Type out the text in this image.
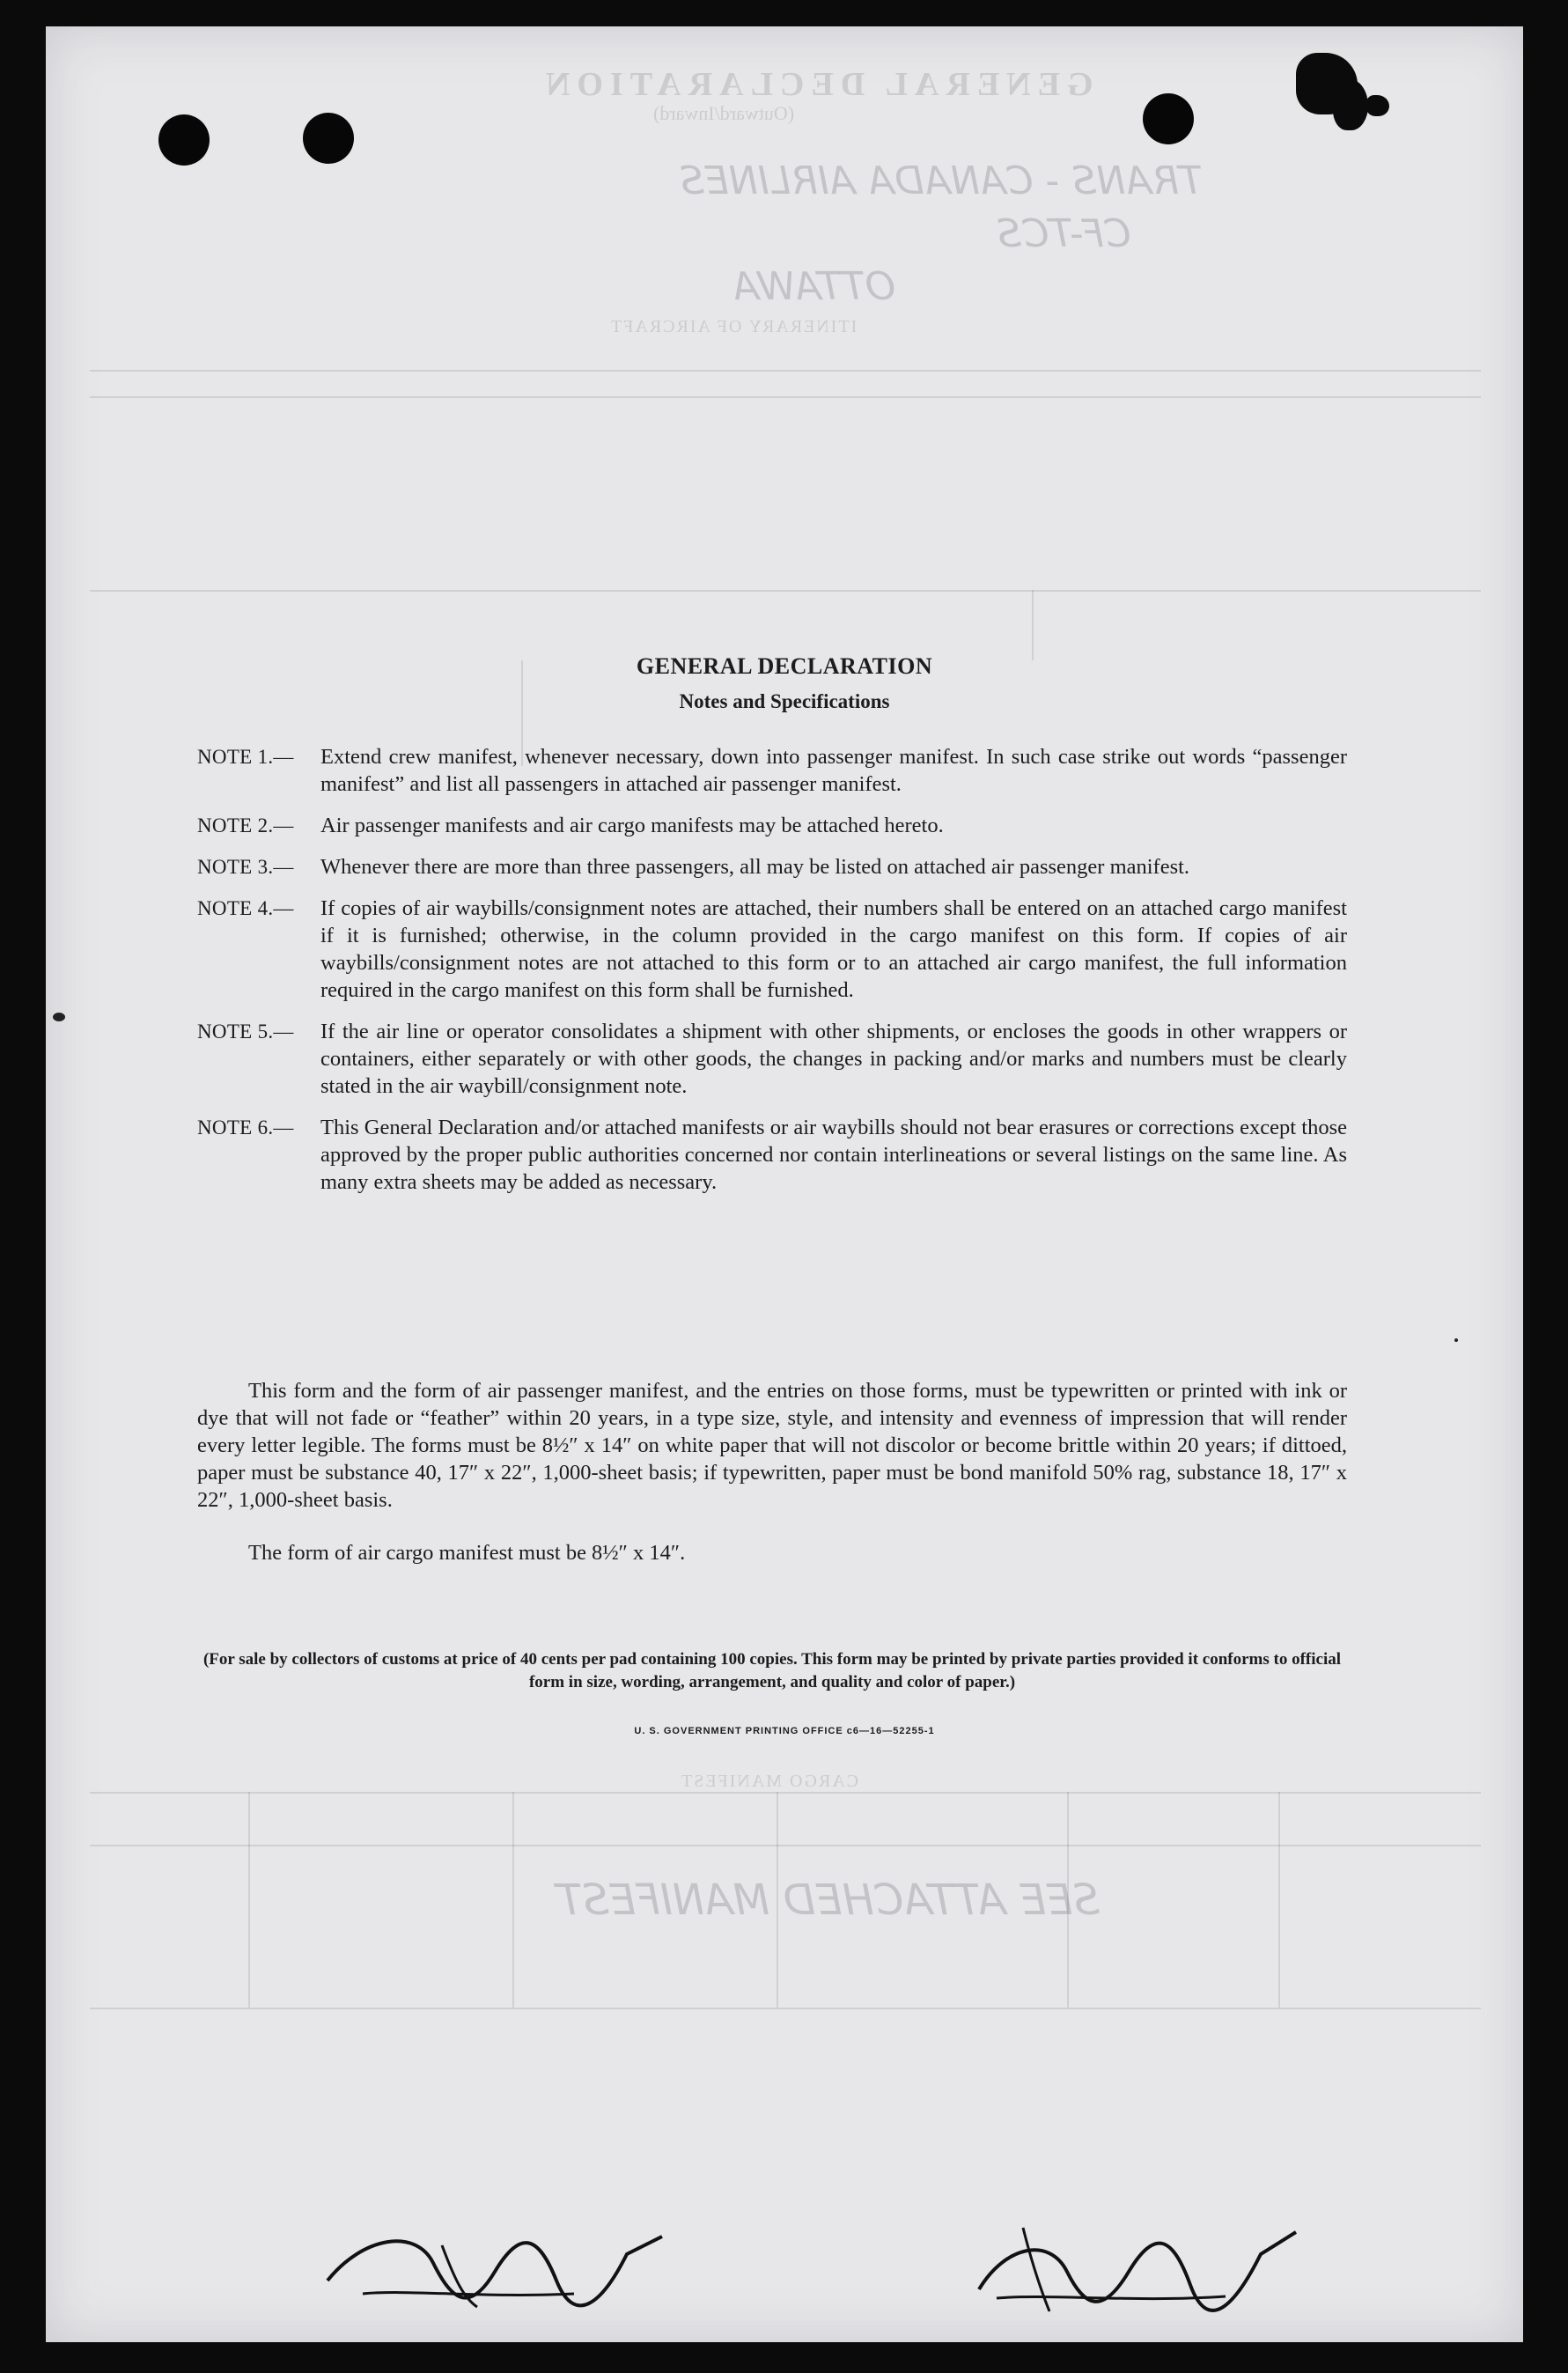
GENERAL DECLARATION
(Outward/Inward)
ITINERARY OF AIRCRAFT
CARGO MANIFEST
TRANS - CANADA AIRLINES
CF-TCS
OTTAWA
SEE ATTACHED MANIFEST
GENERAL DECLARATION
Notes and Specifications
NOTE 1.— Extend crew manifest, whenever necessary, down into passenger manifest. In such case strike out words “passenger manifest” and list all passengers in attached air passenger manifest.
NOTE 2.— Air passenger manifests and air cargo manifests may be attached hereto.
NOTE 3.— Whenever there are more than three passengers, all may be listed on attached air passenger manifest.
NOTE 4.— If copies of air waybills/consignment notes are attached, their numbers shall be entered on an attached cargo manifest if it is furnished; otherwise, in the column provided in the cargo manifest on this form. If copies of air waybills/consignment notes are not attached to this form or to an attached air cargo manifest, the full information required in the cargo manifest on this form shall be furnished.
NOTE 5.— If the air line or operator consolidates a shipment with other shipments, or encloses the goods in other wrappers or containers, either separately or with other goods, the changes in packing and/or marks and numbers must be clearly stated in the air waybill/consignment note.
NOTE 6.— This General Declaration and/or attached manifests or air waybills should not bear erasures or corrections except those approved by the proper public authorities concerned nor contain interlineations or several listings on the same line. As many extra sheets may be added as necessary.
This form and the form of air passenger manifest, and the entries on those forms, must be typewritten or printed with ink or dye that will not fade or “feather” within 20 years, in a type size, style, and intensity and evenness of impression that will render every letter legible. The forms must be 8½″ x 14″ on white paper that will not discolor or become brittle within 20 years; if dittoed, paper must be substance 40, 17″ x 22″, 1,000-sheet basis; if typewritten, paper must be bond manifold 50% rag, substance 18, 17″ x 22″, 1,000-sheet basis.
The form of air cargo manifest must be 8½″ x 14″.
(For sale by collectors of customs at price of 40 cents per pad containing 100 copies. This form may be printed by private parties provided it conforms to official form in size, wording, arrangement, and quality and color of paper.)
U. S. GOVERNMENT PRINTING OFFICE c6—16—52255-1
